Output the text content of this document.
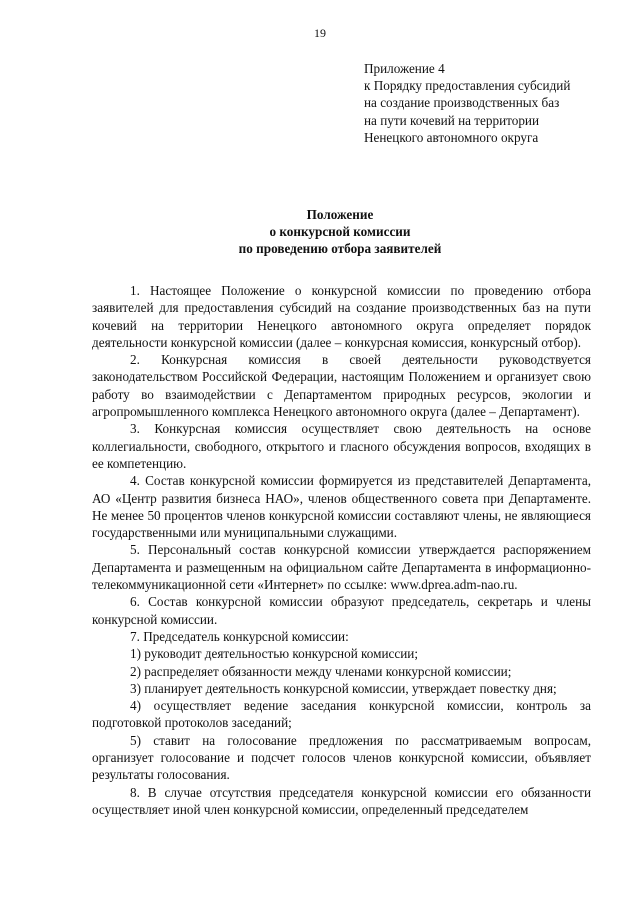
19
Приложение 4
к Порядку предоставления субсидий
на создание производственных баз
на пути кочевий на территории
Ненецкого автономного округа
Положение
о конкурсной комиссии
по проведению отбора заявителей

1. Настоящее Положение о конкурсной комиссии по проведению отбора заявителей для предоставления субсидий на создание производственных баз на пути кочевий на территории Ненецкого автономного округа определяет порядок деятельности конкурсной комиссии (далее – конкурсная комиссия, конкурсный отбор).

2. Конкурсная комиссия в своей деятельности руководствуется законодательством Российской Федерации, настоящим Положением и организует свою работу во взаимодействии с Департаментом природных ресурсов, экологии и агропромышленного комплекса Ненецкого автономного округа (далее – Департамент).

3. Конкурсная комиссия осуществляет свою деятельность на основе коллегиальности, свободного, открытого и гласного обсуждения вопросов, входящих в ее компетенцию.

4. Состав конкурсной комиссии формируется из представителей Департамента, АО «Центр развития бизнеса НАО», членов общественного совета при Департаменте. Не менее 50 процентов членов конкурсной комиссии составляют члены, не являющиеся государственными или муниципальными служащими.

5. Персональный состав конкурсной комиссии утверждается распоряжением Департамента и размещенным на официальном сайте Департамента в информационно-телекоммуникационной сети «Интернет» по ссылке: www.dprea.adm-nao.ru.

6. Состав конкурсной комиссии образуют председатель, секретарь и члены конкурсной комиссии.

7. Председатель конкурсной комиссии:

1) руководит деятельностью конкурсной комиссии;

2) распределяет обязанности между членами конкурсной комиссии;

3) планирует деятельность конкурсной комиссии, утверждает повестку дня;

4) осуществляет ведение заседания конкурсной комиссии, контроль за подготовкой протоколов заседаний;

5) ставит на голосование предложения по рассматриваемым вопросам, организует голосование и подсчет голосов членов конкурсной комиссии, объявляет результаты голосования.

8. В случае отсутствия председателя конкурсной комиссии его обязанности осуществляет иной член конкурсной комиссии, определенный председателем
